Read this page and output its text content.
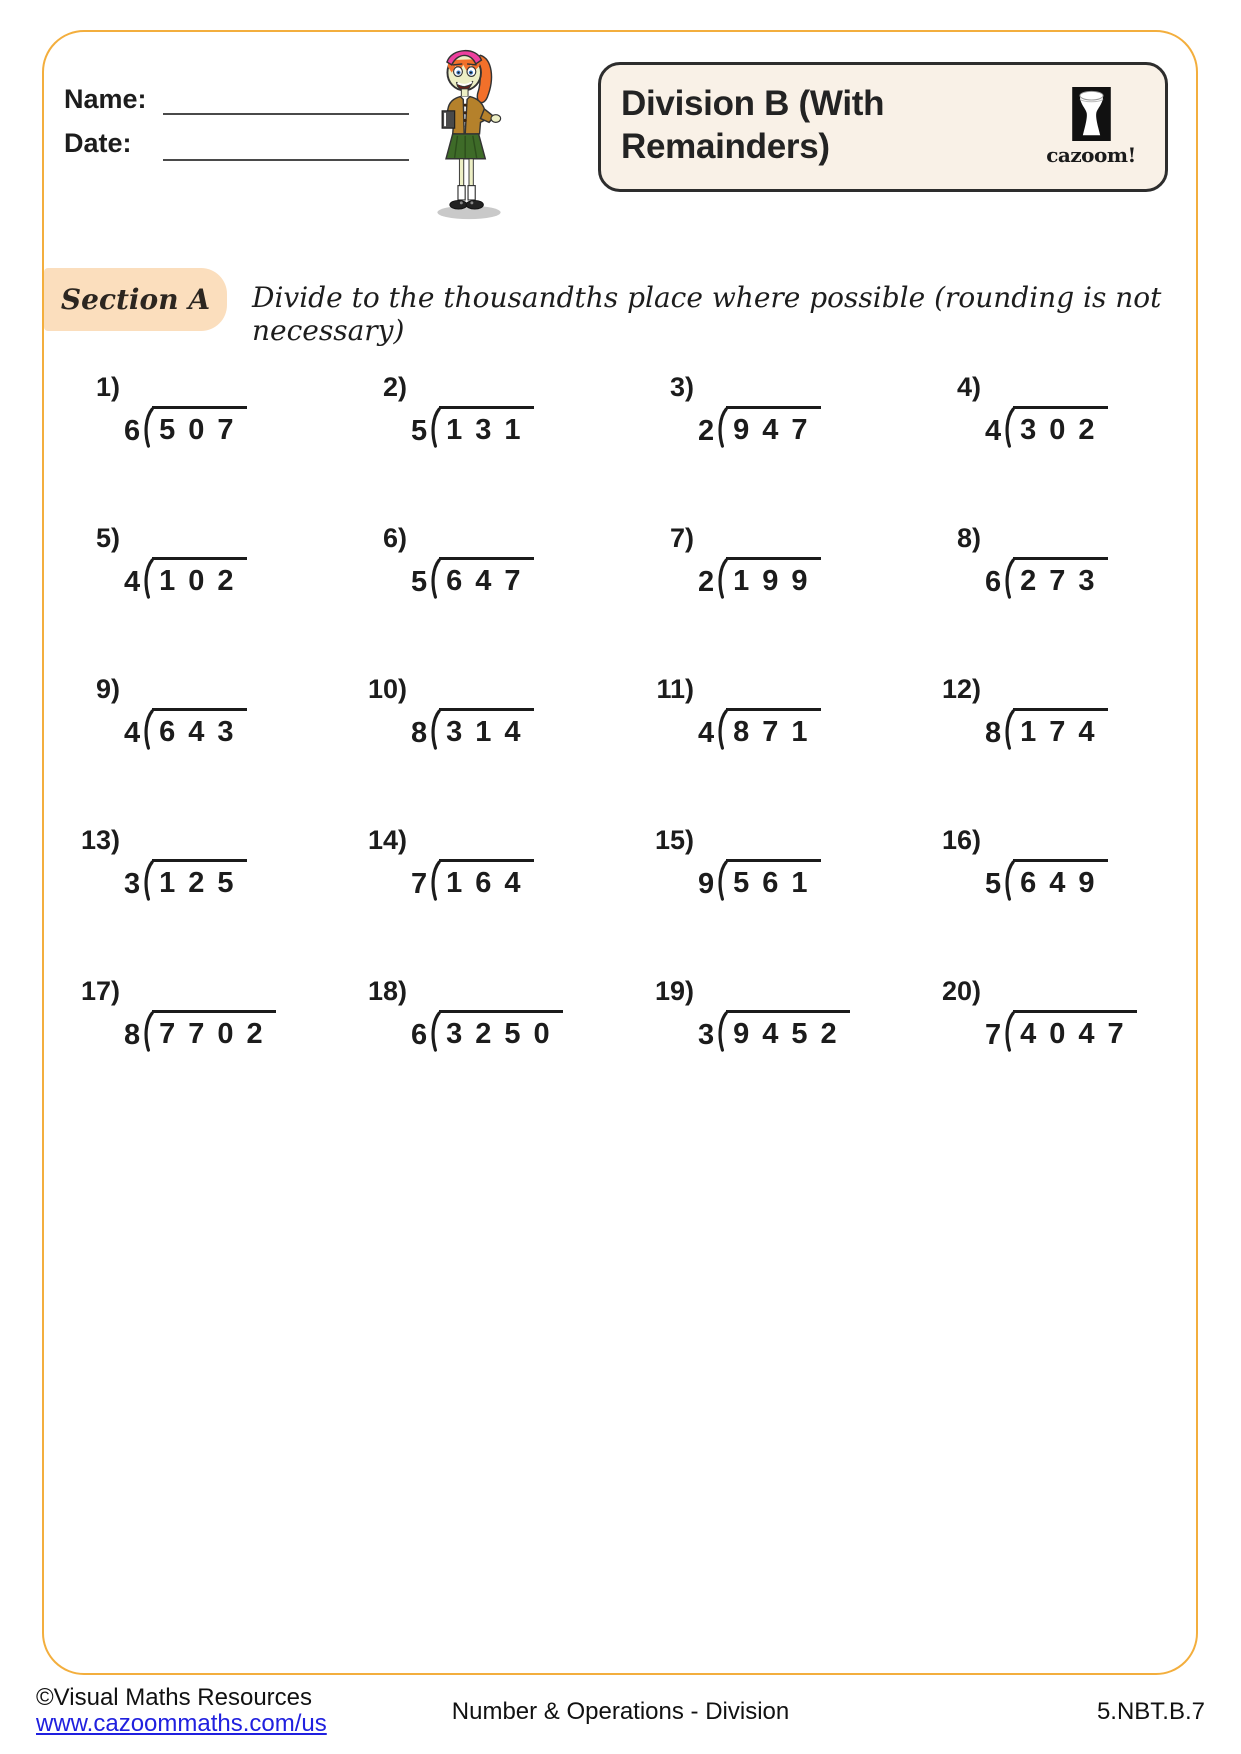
Name:
Date:
Division B (With Remainders)	cazoom!
Section A Divide to the thousandths place where possible (rounding is not necessary)
1)
6 507
2)
5 131
3)
2 947
4)
4 302
5)
4 102
6)
5 647
7)
2 199
8)
6 273
9)
4 643
10)
8 314
11)
4 871
12)
8 174
13)
3 125
14)
7 164
15)
9 561
16)
5 649
17)
8 7702
18)
6 3250
19)
3 9452
20)
7 4047
©Visual Maths Resources
www.cazoommaths.com/us	Number & Operations - Division	5.NBT.B.7
